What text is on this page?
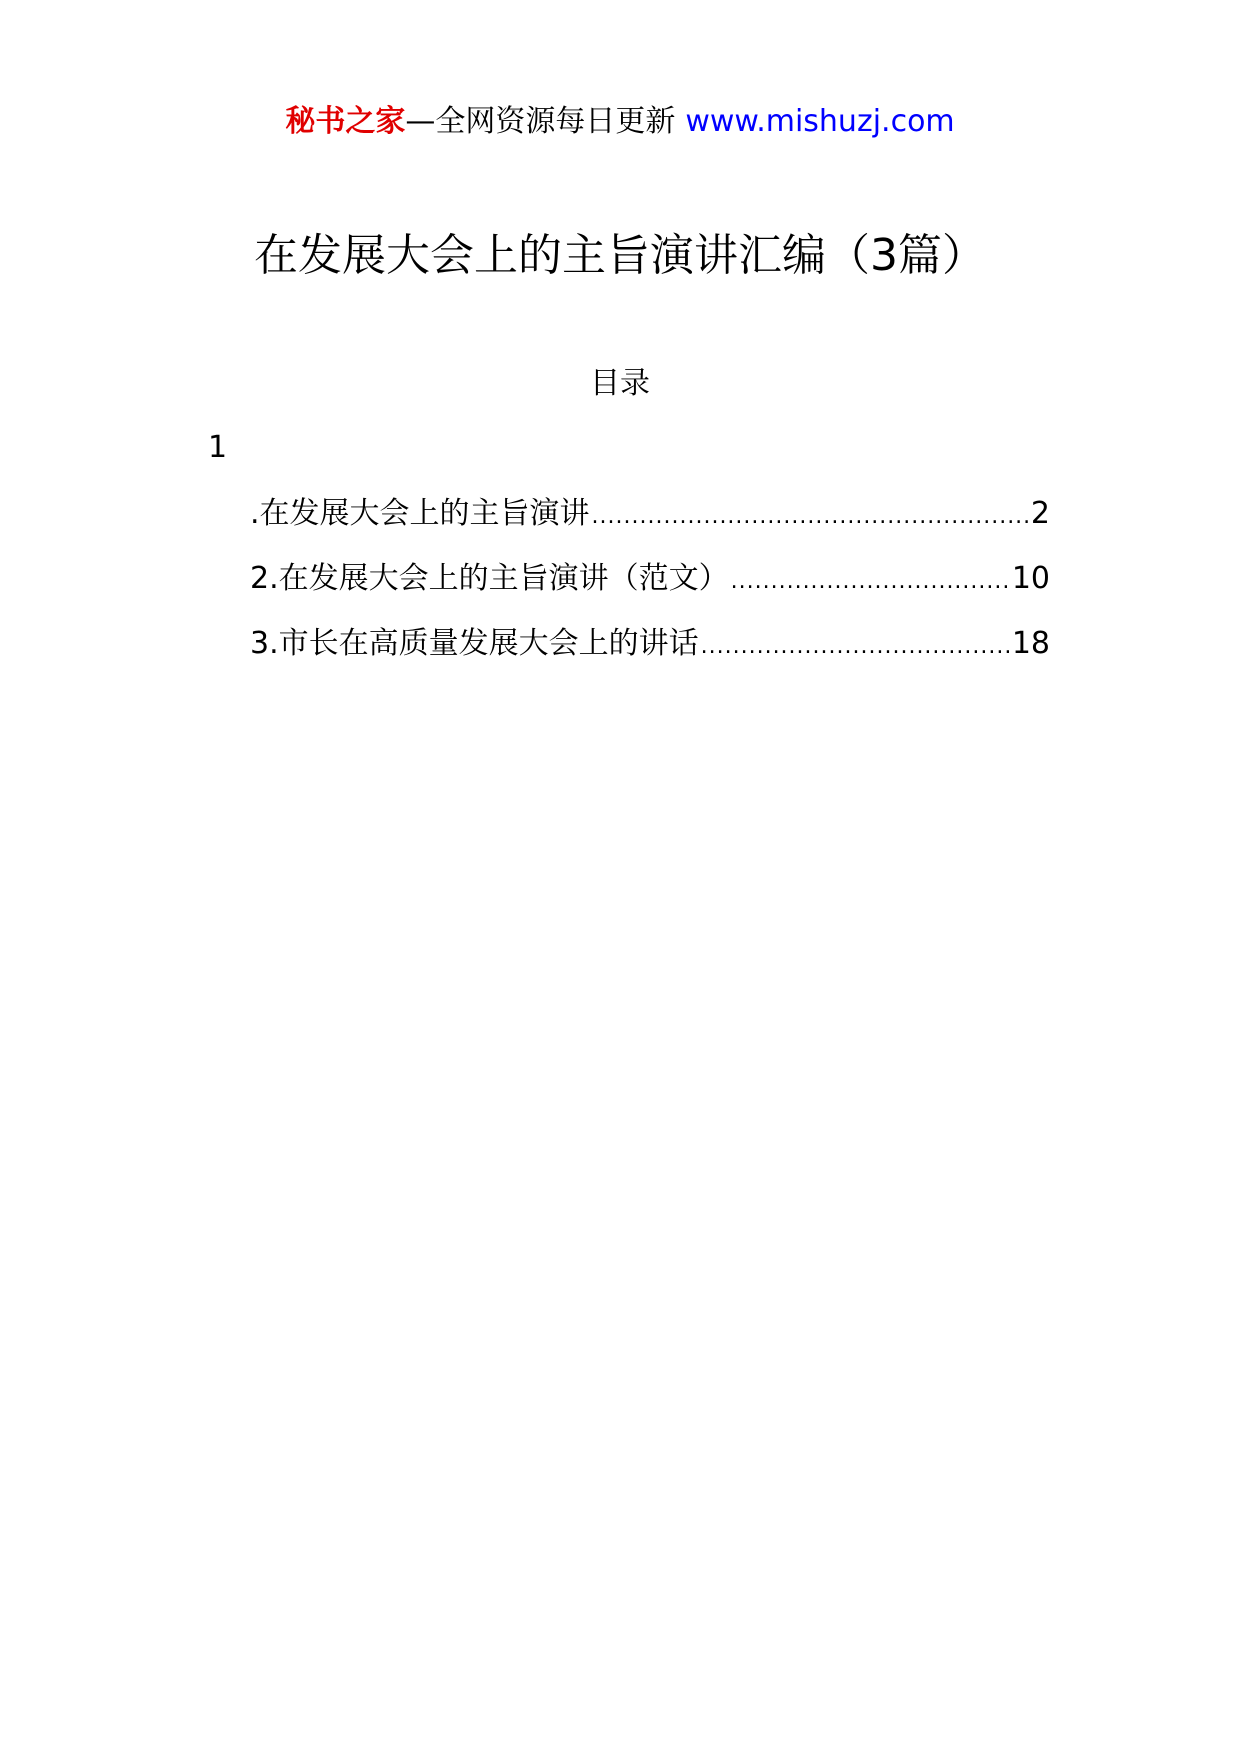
秘书之家—全网资源每日更新 www.mishuzj.com
在发展大会上的主旨演讲汇编（3篇）
目录
1
.在发展大会上的主旨演讲 .....	2
2.在发展大会上的主旨演讲（范文） .....	10
3.市长在高质量发展大会上的讲话 .....	18
